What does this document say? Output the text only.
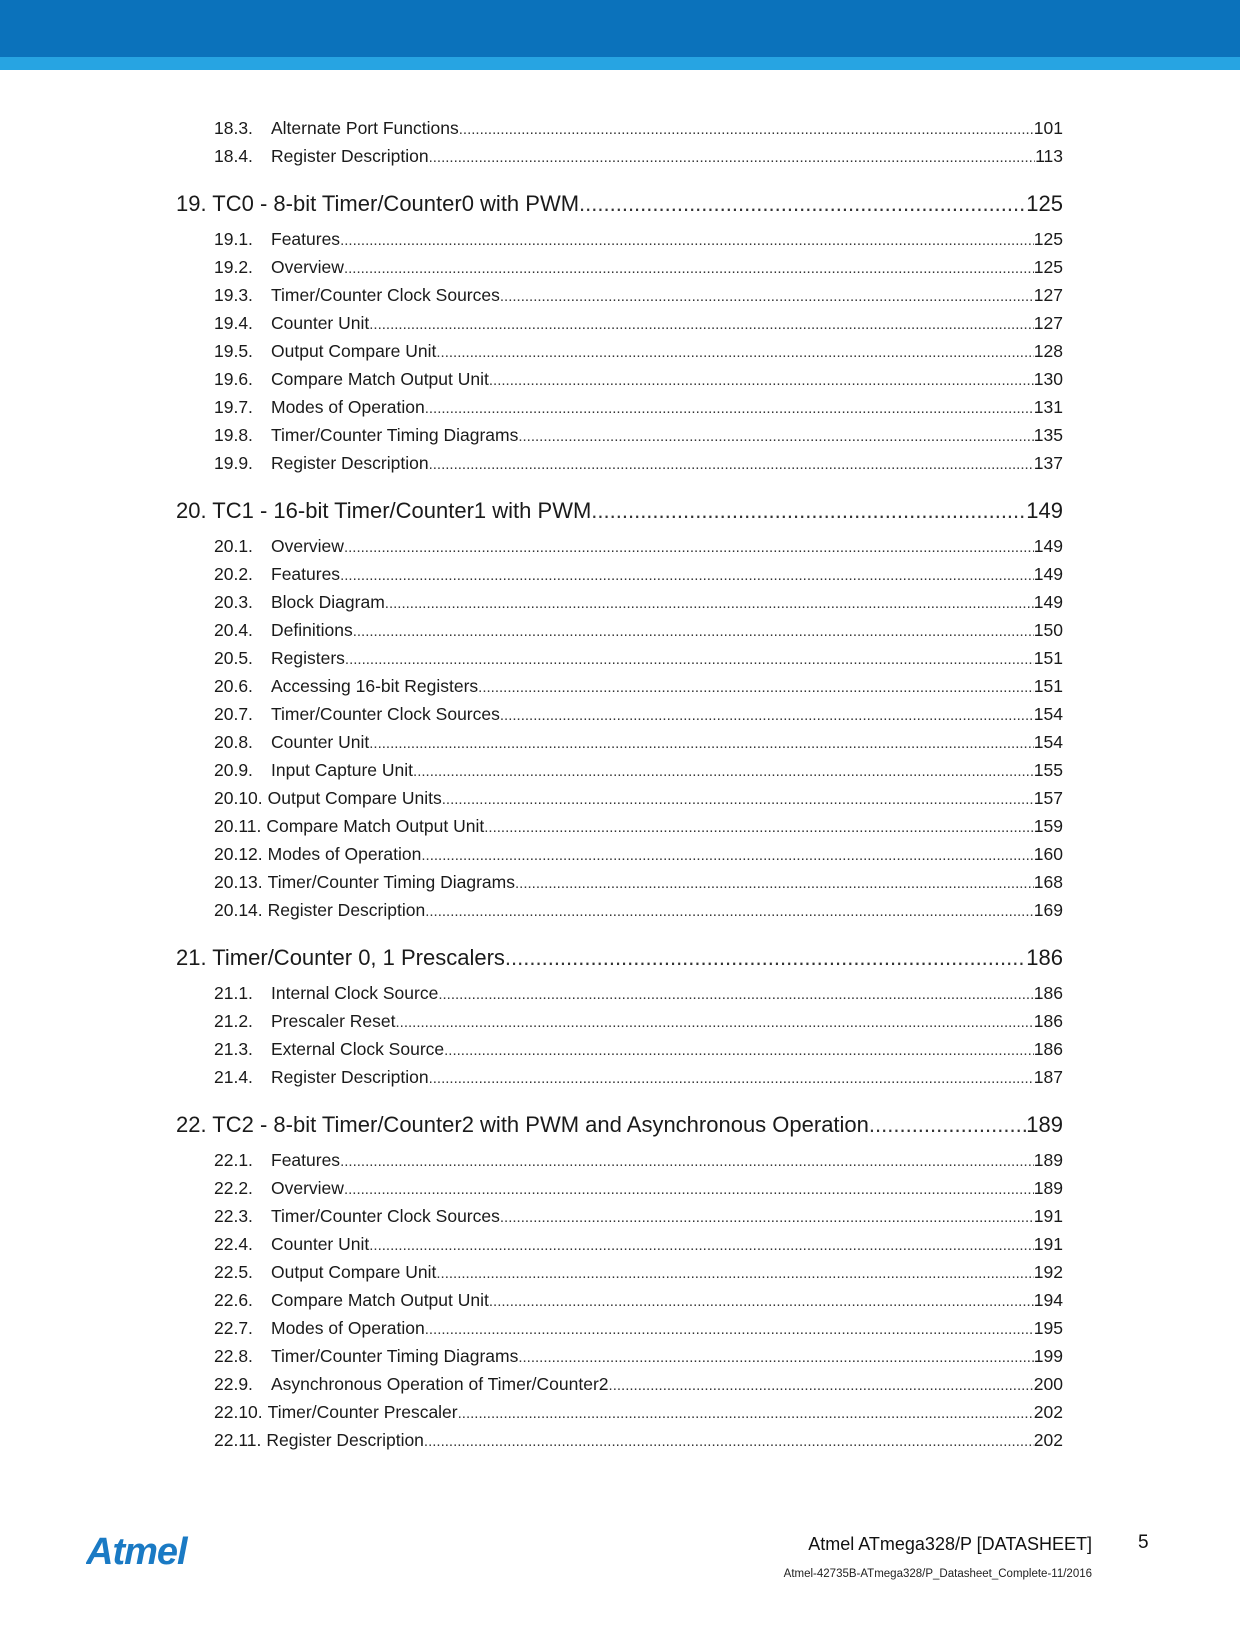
18.3.	Alternate Port Functions .....	101
18.4.	Register Description .....	113
19. TC0 - 8-bit Timer/Counter0 with PWM .....	125
19.1.	Features .....	125
19.2.	Overview .....	125
19.3.	Timer/Counter Clock Sources .....	127
19.4.	Counter Unit .....	127
19.5.	Output Compare Unit .....	128
19.6.	Compare Match Output Unit .....	130
19.7.	Modes of Operation .....	131
19.8.	Timer/Counter Timing Diagrams .....	135
19.9.	Register Description .....	137
20. TC1 - 16-bit Timer/Counter1 with PWM .....	149
20.1.	Overview .....	149
20.2.	Features .....	149
20.3.	Block Diagram .....	149
20.4.	Definitions .....	150
20.5.	Registers .....	151
20.6.	Accessing 16-bit Registers .....	151
20.7.	Timer/Counter Clock Sources .....	154
20.8.	Counter Unit .....	154
20.9.	Input Capture Unit .....	155
20.10. Output Compare Units .....	157
20.11. Compare Match Output Unit .....	159
20.12. Modes of Operation .....	160
20.13. Timer/Counter Timing Diagrams .....	168
20.14. Register Description .....	169
21. Timer/Counter 0, 1 Prescalers .....	186
21.1.	Internal Clock Source .....	186
21.2.	Prescaler Reset .....	186
21.3.	External Clock Source .....	186
21.4.	Register Description .....	187
22. TC2 - 8-bit Timer/Counter2 with PWM and Asynchronous Operation .....	189
22.1.	Features .....	189
22.2.	Overview .....	189
22.3.	Timer/Counter Clock Sources .....	191
22.4.	Counter Unit .....	191
22.5.	Output Compare Unit .....	192
22.6.	Compare Match Output Unit .....	194
22.7.	Modes of Operation .....	195
22.8.	Timer/Counter Timing Diagrams .....	199
22.9.	Asynchronous Operation of Timer/Counter2 .....	200
22.10. Timer/Counter Prescaler .....	202
22.11. Register Description .....	202
Atmel	Atmel ATmega328/P [DATASHEET] 5
Atmel-42735B-ATmega328/P_Datasheet_Complete-11/2016
